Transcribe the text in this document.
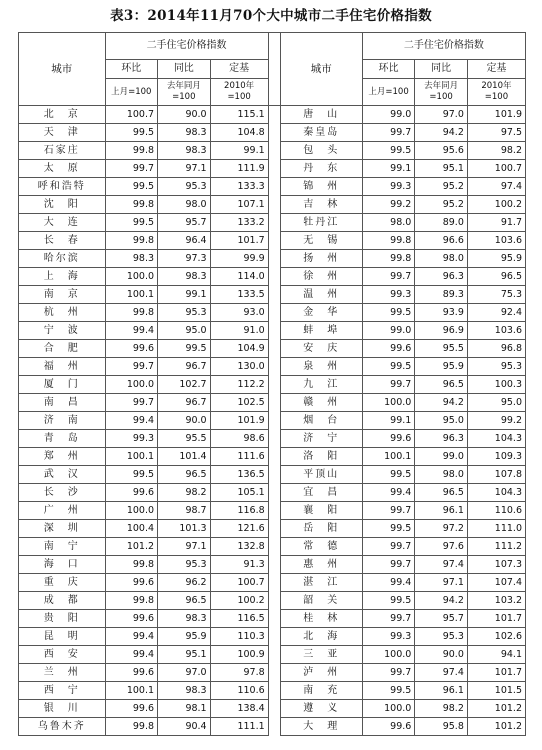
表3：2014年11月70个大中城市二手住宅价格指数
城市	二手住宅价格指数				城市	二手住宅价格指数		
	环比	同比	定基			环比	同比	定基
	上月=100	去年同月=100	2010年=100			上月=100	去年同月=100	2010年=100
北　京	100.7	90.0	115.1		唐　山	99.0	97.0	101.9
天　津	99.5	98.3	104.8		秦皇岛	99.7	94.2	97.5
石家庄	99.8	98.3	99.1		包　头	99.5	95.6	98.2
太　原	99.7	97.1	111.9		丹　东	99.1	95.1	100.7
呼和浩特	99.5	95.3	133.3		锦　州	99.3	95.2	97.4
沈　阳	99.8	98.0	107.1		吉　林	99.2	95.2	100.2
大　连	99.5	95.7	133.2		牡丹江	98.0	89.0	91.7
长　春	99.8	96.4	101.7		无　锡	99.8	96.6	103.6
哈尔滨	98.3	97.3	99.9		扬　州	99.8	98.0	95.9
上　海	100.0	98.3	114.0		徐　州	99.7	96.3	96.5
南　京	100.1	99.1	133.5		温　州	99.3	89.3	75.3
杭　州	99.8	95.3	93.0		金　华	99.5	93.9	92.4
宁　波	99.4	95.0	91.0		蚌　埠	99.0	96.9	103.6
合　肥	99.6	99.5	104.9		安　庆	99.6	95.5	96.8
福　州	99.7	96.7	130.0		泉　州	99.5	95.9	95.3
厦　门	100.0	102.7	112.2		九　江	99.7	96.5	100.3
南　昌	99.7	96.7	102.5		赣　州	100.0	94.2	95.0
济　南	99.4	90.0	101.9		烟　台	99.1	95.0	99.2
青　岛	99.3	95.5	98.6		济　宁	99.6	96.3	104.3
郑　州	100.1	101.4	111.6		洛　阳	100.1	99.0	109.3
武　汉	99.5	96.5	136.5		平顶山	99.5	98.0	107.8
长　沙	99.6	98.2	105.1		宜　昌	99.4	96.5	104.3
广　州	100.0	98.7	116.8		襄　阳	99.7	96.1	110.6
深　圳	100.4	101.3	121.6		岳　阳	99.5	97.2	111.0
南　宁	101.2	97.1	132.8		常　德	99.7	97.6	111.2
海　口	99.8	95.3	91.3		惠　州	99.7	97.4	107.3
重　庆	99.6	96.2	100.7		湛　江	99.4	97.1	107.4
成　都	99.8	96.5	100.2		韶　关	99.5	94.2	103.2
贵　阳	99.6	98.3	116.5		桂　林	99.7	95.7	101.7
昆　明	99.4	95.9	110.3		北　海	99.3	95.3	102.6
西　安	99.4	95.1	100.9		三　亚	100.0	90.0	94.1
兰　州	99.6	97.0	97.8		泸　州	99.7	97.4	101.7
西　宁	100.1	98.3	110.6		南　充	99.5	96.1	101.5
银　川	99.6	98.1	138.4		遵　义	100.0	98.2	101.2
乌鲁木齐	99.8	90.4	111.1		大　理	99.6	95.8	101.2
